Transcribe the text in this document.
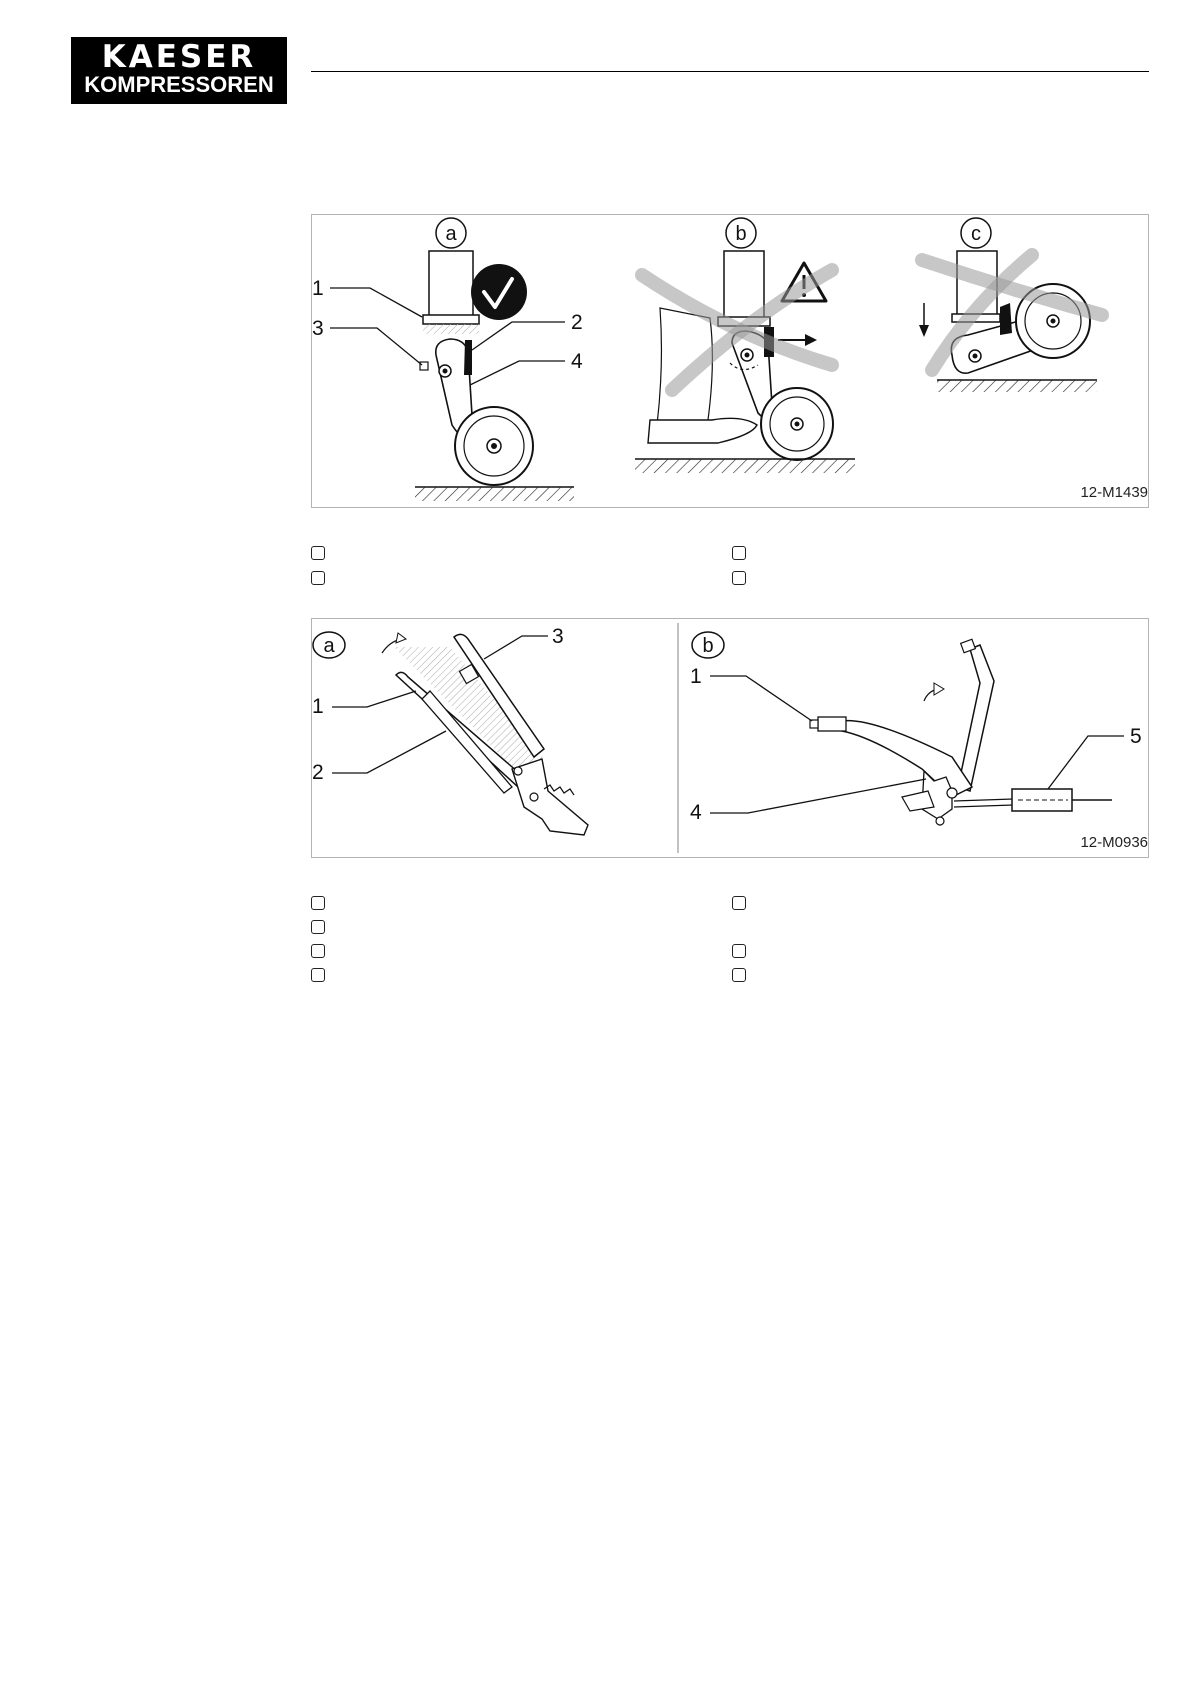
KAESER
KOMPRESSOREN
a
1
3	2
4
b	c
12-M1439
a
1
2
3	b
1
4
5
12-M0936
